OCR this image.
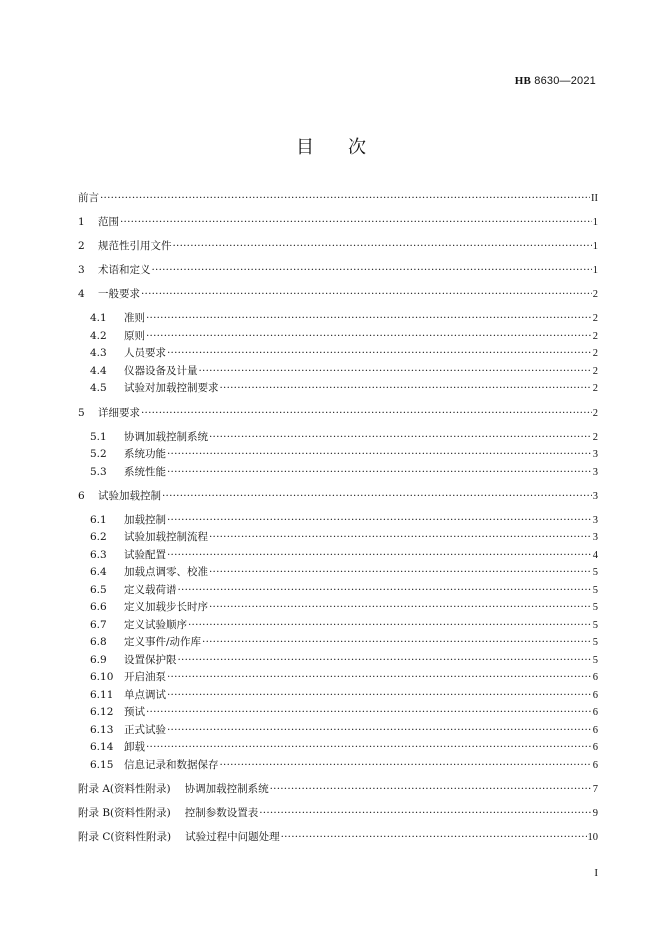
HB 8630—2021
目次
前言 ·····	II
1	范围 ·····	1
2	规范性引用文件 ·····	1
3	术语和定义 ·····	1
4	一般要求 ·····	2
4.1	准则 ·····	2
4.2	原则 ·····	2
4.3	人员要求 ·····	2
4.4	仪器设备及计量 ·····	2
4.5	试验对加载控制要求 ·····	2
5	详细要求 ·····	2
5.1	协调加载控制系统 ·····	2
5.2	系统功能 ·····	3
5.3	系统性能 ·····	3
6	试验加载控制 ·····	3
6.1	加载控制 ·····	3
6.2	试验加载控制流程 ·····	3
6.3	试验配置 ·····	4
6.4	加载点调零、校准 ·····	5
6.5	定义载荷谱 ·····	5
6.6	定义加载步长时序 ·····	5
6.7	定义试验顺序 ·····	5
6.8	定义事件/动作库 ·····	5
6.9	设置保护限 ·····	5
6.10	开启油泵 ·····	6
6.11	单点调试 ·····	6
6.12	预试 ·····	6
6.13	正式试验 ·····	6
6.14	卸载 ·····	6
6.15	信息记录和数据保存 ·····	6
附录 A(资料性附录) 协调加载控制系统 ·····	7
附录 B(资料性附录) 控制参数设置表 ·····	9
附录 C(资料性附录) 试验过程中问题处理 ·····	10
I
